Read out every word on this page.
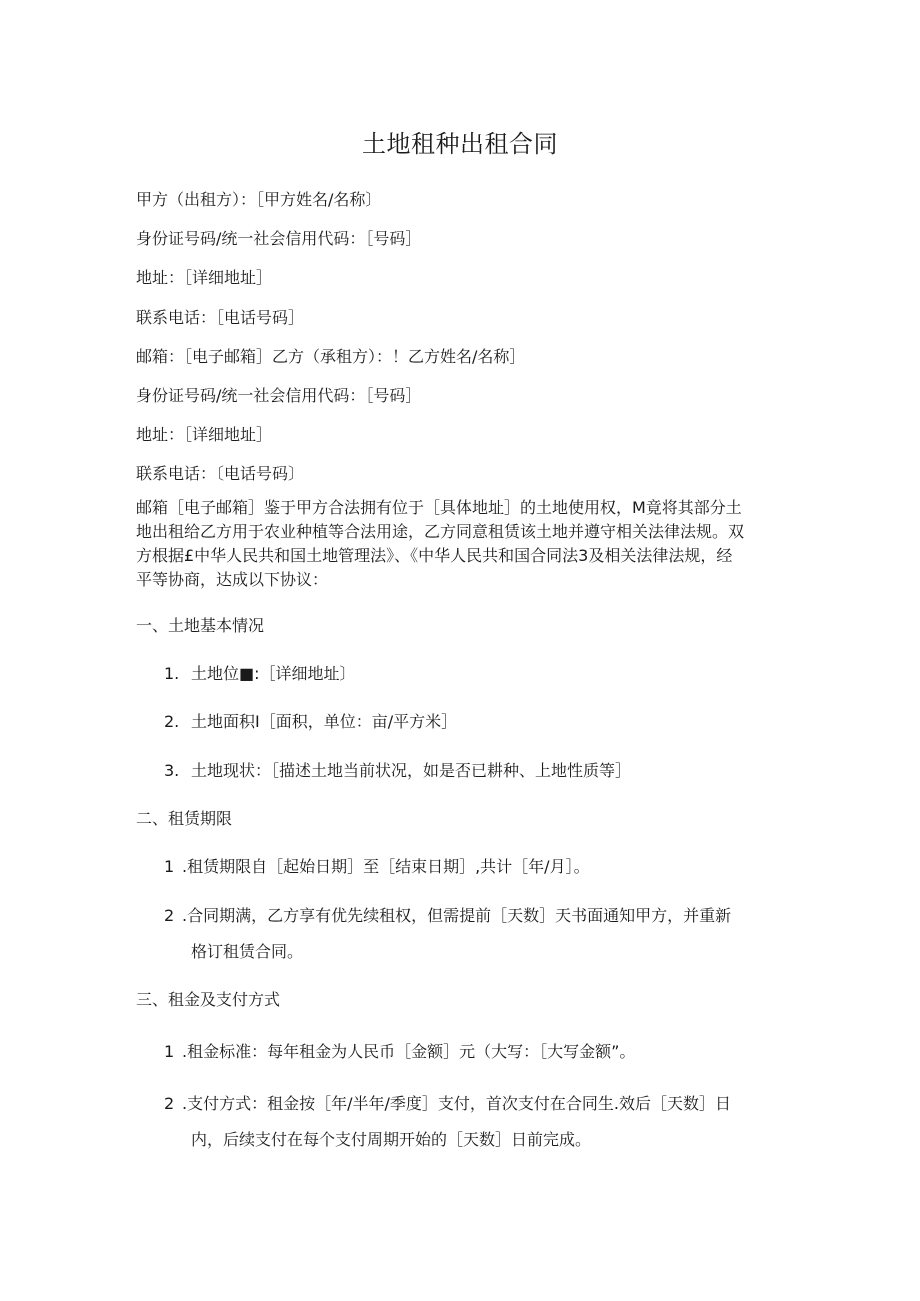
土地租种出租合同
甲方（出租方）：［甲方姓名/名称〕
身份证号码/统一社会信用代码：［号码］
地址：［详细地址］
联系电话：［电话号码］
邮箱：［电子邮箱］乙方（承租方）：！乙方姓名/名称］
身份证号码/统一社会信用代码：［号码］
地址：［详细地址］
联系电话：〔电话号码〕
邮箱［电子邮箱］鉴于甲方合法拥有位于［具体地址］的土地使用权，M竟将其部分土
地出租给乙方用于农业种植等合法用途，乙方同意租赁该土地并遵守相关法律法规。双
方根据£中华人民共和国土地管理法》、《中华人民共和国合同法3及相关法律法规，经
平等协商，达成以下协议：
一、土地基本情况
1. 土地位■:［详细地址〕
2. 土地面积I［面积，单位：亩/平方米］
3. 土地现状：［描述土地当前状况，如是否已耕种、上地性质等］
二、租赁期限
1 .租赁期限自［起始日期］至［结束日期］,共计［年/月］。
2 .合同期满，乙方享有优先续租权，但需提前［天数］天书面通知甲方，并重新
格订租赁合同。
三、租金及支付方式
1 .租金标准：每年租金为人民币［金额］元（大写：［大写金额”。
2 .支付方式：租金按［年/半年/季度］支付，首次支付在合同生.效后［天数］日
内，后续支付在每个支付周期开始的［天数］日前完成。
